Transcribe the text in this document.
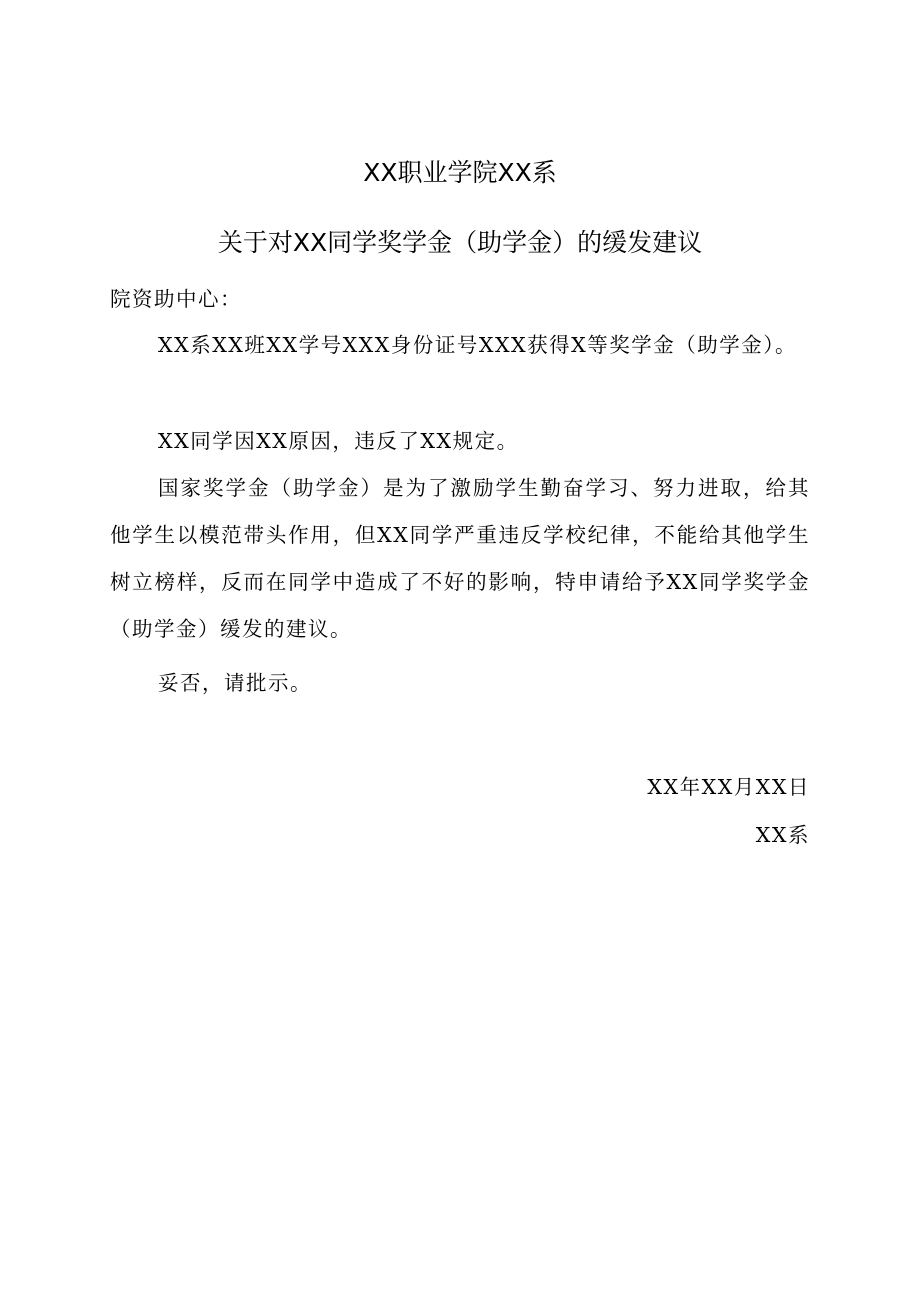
XX职业学院XX系
关于对XX同学奖学金（助学金）的缓发建议
院资助中心：
XX系XX班XX学号XXX身份证号XXX获得X等奖学金（助学金）。
XX同学因XX原因，违反了XX规定。
国家奖学金（助学金）是为了激励学生勤奋学习、努力进取，给其他学生以模范带头作用，但XX同学严重违反学校纪律，不能给其他学生树立榜样，反而在同学中造成了不好的影响，特申请给予XX同学奖学金（助学金）缓发的建议。
妥否，请批示。
XX年XX月XX日
XX系
